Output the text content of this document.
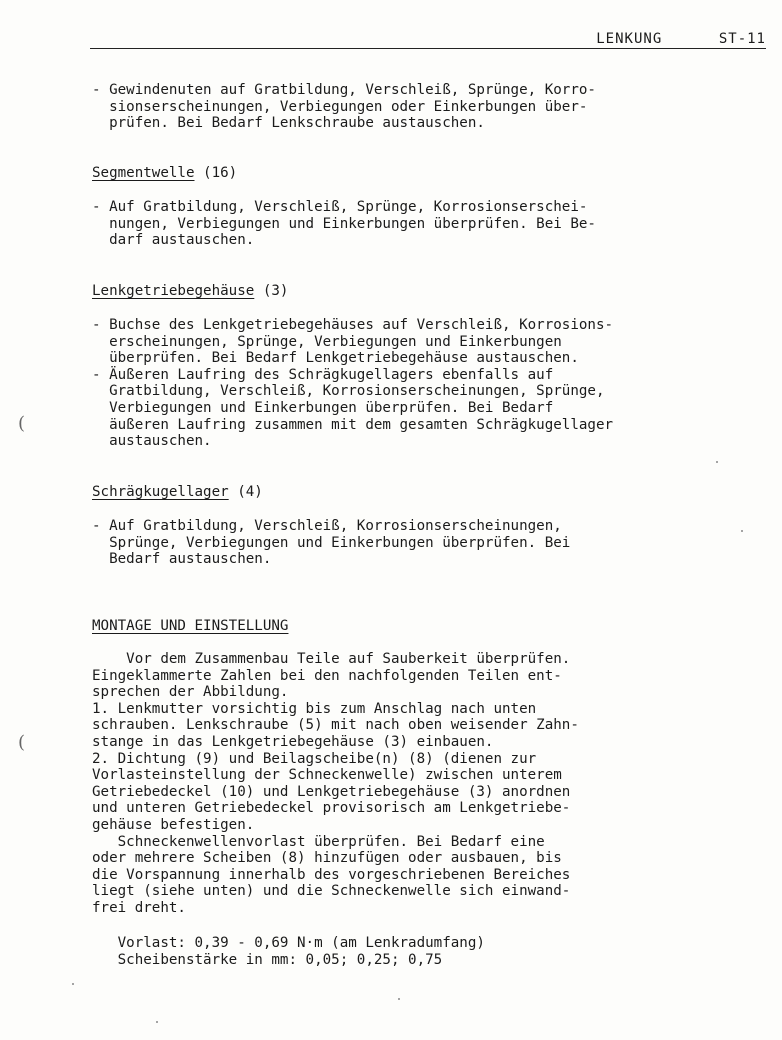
LENKUNG	ST-11
- Gewindenuten auf Gratbildung, Verschleiß, Sprünge, Korro-
sionserscheinungen, Verbiegungen oder Einkerbungen über-
prüfen. Bei Bedarf Lenkschraube austauschen.
Segmentwelle (16)
- Auf Gratbildung, Verschleiß, Sprünge, Korrosionserschei-
nungen, Verbiegungen und Einkerbungen überprüfen. Bei Be-
darf austauschen.
Lenkgetriebegehäuse (3)
- Buchse des Lenkgetriebegehäuses auf Verschleiß, Korrosions-
erscheinungen, Sprünge, Verbiegungen und Einkerbungen
überprüfen. Bei Bedarf Lenkgetriebegehäuse austauschen.
- Äußeren Laufring des Schrägkugellagers ebenfalls auf
Gratbildung, Verschleiß, Korrosionserscheinungen, Sprünge,
Verbiegungen und Einkerbungen überprüfen. Bei Bedarf
äußeren Laufring zusammen mit dem gesamten Schrägkugellager
austauschen.
Schrägkugellager (4)
- Auf Gratbildung, Verschleiß, Korrosionserscheinungen,
Sprünge, Verbiegungen und Einkerbungen überprüfen. Bei
Bedarf austauschen.
MONTAGE UND EINSTELLUNG
Vor dem Zusammenbau Teile auf Sauberkeit überprüfen.
Eingeklammerte Zahlen bei den nachfolgenden Teilen ent-
sprechen der Abbildung.
1. Lenkmutter vorsichtig bis zum Anschlag nach unten
schrauben. Lenkschraube (5) mit nach oben weisender Zahn-
stange in das Lenkgetriebegehäuse (3) einbauen.
2. Dichtung (9) und Beilagscheibe(n) (8) (dienen zur
Vorlasteinstellung der Schneckenwelle) zwischen unterem
Getriebedeckel (10) und Lenkgetriebegehäuse (3) anordnen
und unteren Getriebedeckel provisorisch am Lenkgetriebe-
gehäuse befestigen.
Schneckenwellenvorlast überprüfen. Bei Bedarf eine
oder mehrere Scheiben (8) hinzufügen oder ausbauen, bis
die Vorspannung innerhalb des vorgeschriebenen Bereiches
liegt (siehe unten) und die Schneckenwelle sich einwand-
frei dreht.
Vorlast: 0,39 - 0,69 N·m (am Lenkradumfang)
Scheibenstärke in mm: 0,05; 0,25; 0,75
(
(
